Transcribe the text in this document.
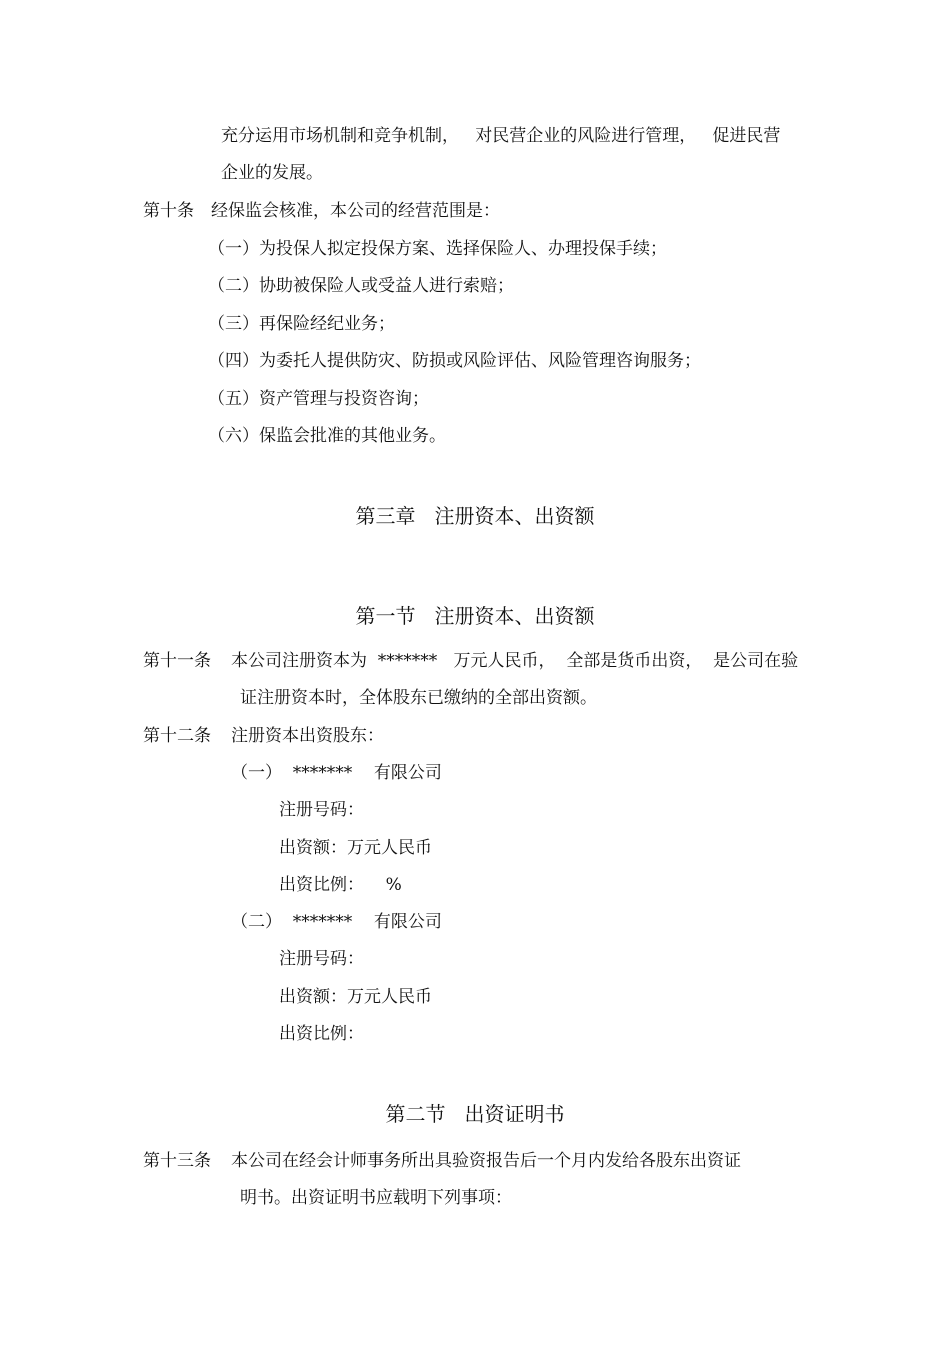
充分运用市场机制和竞争机制，   对民营企业的风险进行管理，   促进民营
企业的发展。
第十条 经保监会核准，本公司的经营范围是：
（一）为投保人拟定投保方案、选择保险人、办理投保手续；
（二）协助被保险人或受益人进行索赔；
（三）再保险经纪业务；
（四）为委托人提供防灾、防损或风险评估、风险管理咨询服务；
（五）资产管理与投资咨询；
（六）保监会批准的其他业务。
第三章   注册资本、出资额
第一节   注册资本、出资额
第十一条 本公司注册资本为  *******   万元人民币，  全部是货币出资，  是公司在验
证注册资本时，全体股东已缴纳的全部出资额。
第十二条 注册资本出资股东：
（一）  *******    有限公司
注册号码：
出资额：万元人民币
出资比例：    %
（二）  *******    有限公司
注册号码：
出资额：万元人民币
出资比例：
第二节   出资证明书
第十三条 本公司在经会计师事务所出具验资报告后一个月内发给各股东出资证
明书。出资证明书应载明下列事项：
